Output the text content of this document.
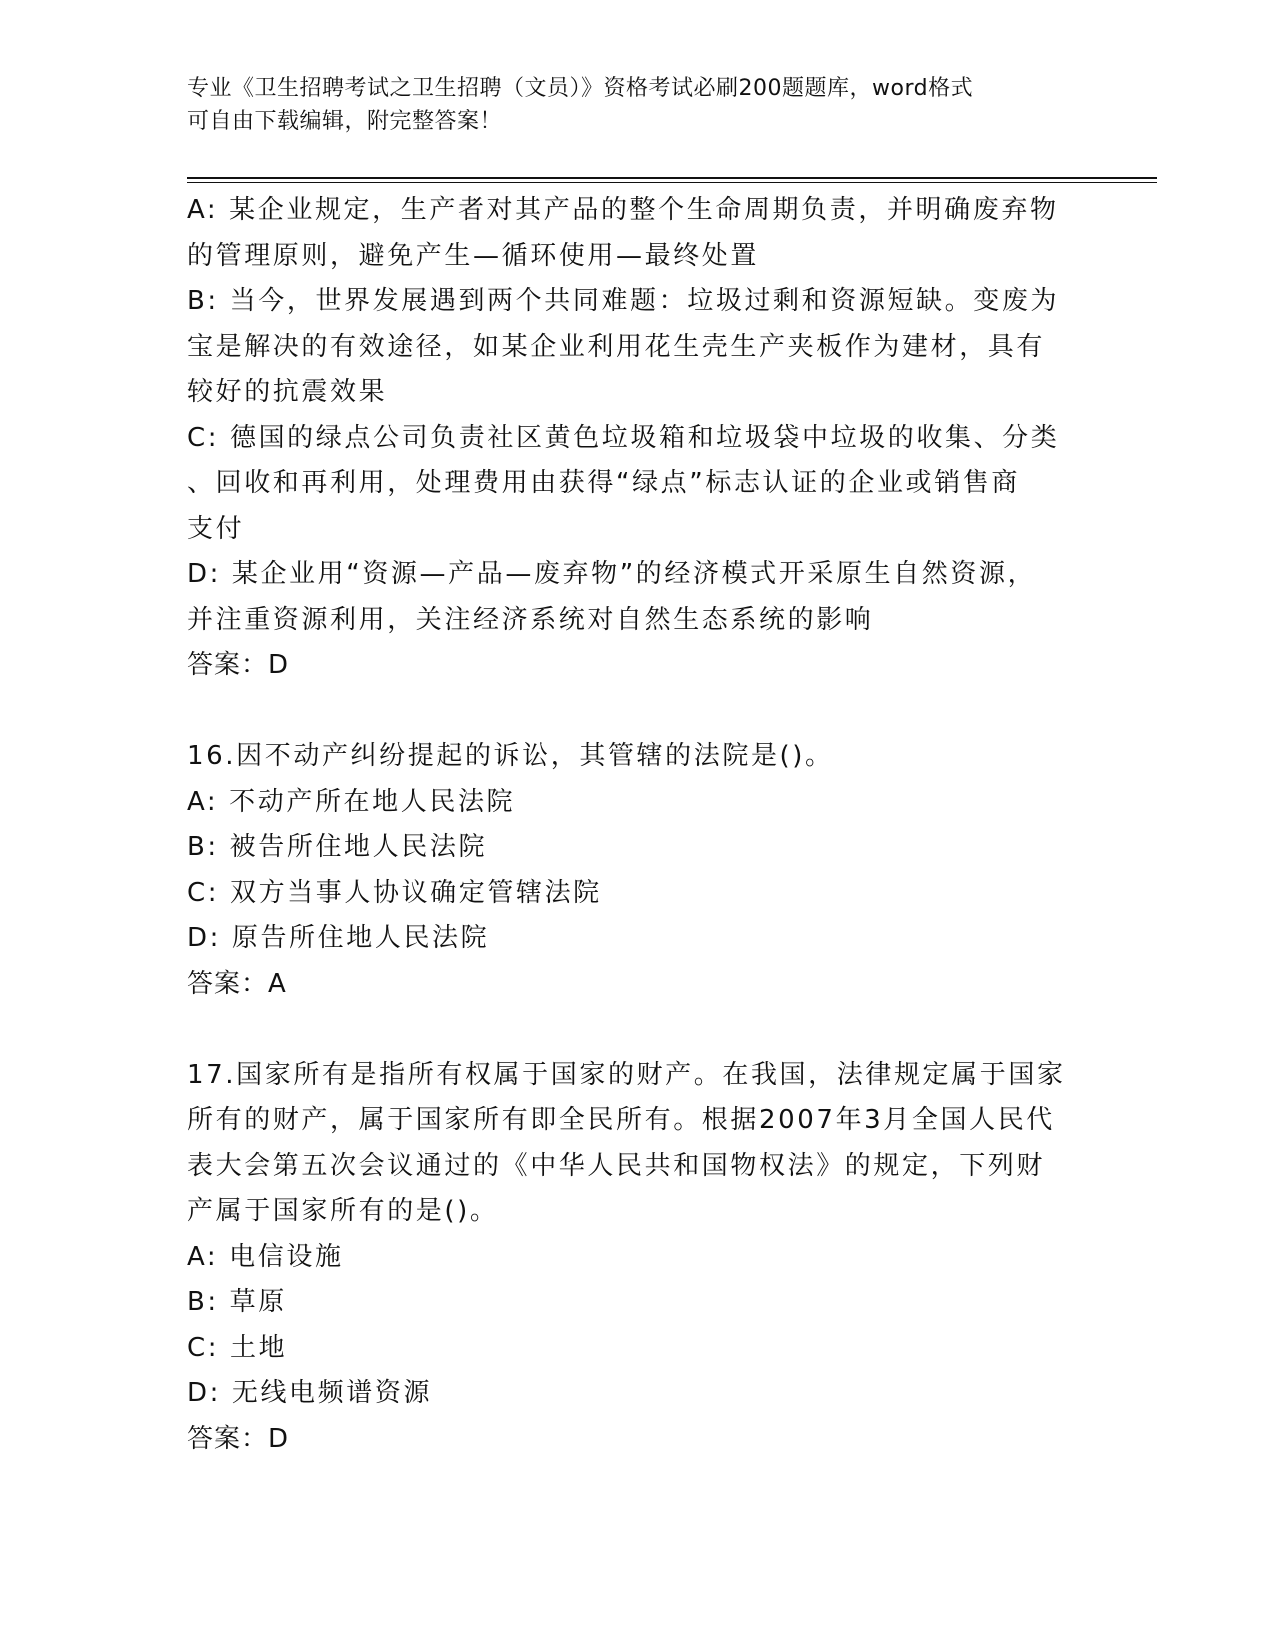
专业《卫生招聘考试之卫生招聘（文员）》资格考试必刷200题题库，word格式
可自由下载编辑，附完整答案！
A: 某企业规定，生产者对其产品的整个生命周期负责，并明确废弃物
的管理原则，避免产生—循环使用—最终处置
B: 当今，世界发展遇到两个共同难题：垃圾过剩和资源短缺。变废为
宝是解决的有效途径，如某企业利用花生壳生产夹板作为建材，具有
较好的抗震效果
C: 德国的绿点公司负责社区黄色垃圾箱和垃圾袋中垃圾的收集、分类
、回收和再利用，处理费用由获得“绿点”标志认证的企业或销售商
支付
D: 某企业用“资源—产品—废弃物”的经济模式开采原生自然资源，
并注重资源利用，关注经济系统对自然生态系统的影响
答案：D
16.因不动产纠纷提起的诉讼，其管辖的法院是()。
A: 不动产所在地人民法院
B: 被告所住地人民法院
C: 双方当事人协议确定管辖法院
D: 原告所住地人民法院
答案：A
17.国家所有是指所有权属于国家的财产。在我国，法律规定属于国家
所有的财产，属于国家所有即全民所有。根据2007年3月全国人民代
表大会第五次会议通过的《中华人民共和国物权法》的规定，下列财
产属于国家所有的是()。
A: 电信设施
B: 草原
C: 土地
D: 无线电频谱资源
答案：D
